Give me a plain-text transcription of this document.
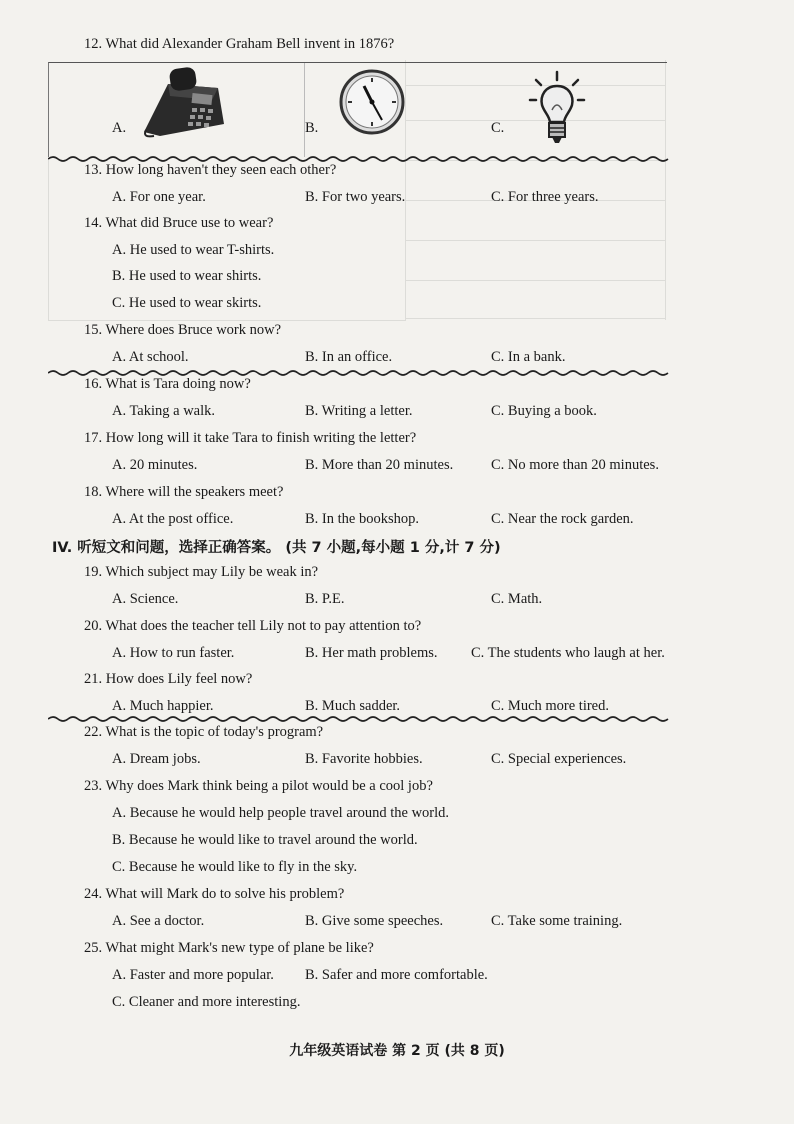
12. What did Alexander Graham Bell invent in 1876?
A.	B.	C.
13. How long haven't they seen each other?
A. For one year.	B. For two years.	C. For three years.
14. What did Bruce use to wear?
A. He used to wear T-shirts.
B. He used to wear shirts.
C. He used to wear skirts.
15. Where does Bruce work now?
A. At school.	B. In an office.	C. In a bank.
16. What is Tara doing now?
A. Taking a walk.	B. Writing a letter.	C. Buying a book.
17. How long will it take Tara to finish writing the letter?
A. 20 minutes.	B. More than 20 minutes.	C. No more than 20 minutes.
18. Where will the speakers meet?
A. At the post office.	B. In the bookshop.	C. Near the rock garden.
IV. 听短文和问题，选择正确答案。 (共 7 小题,每小题 1 分,计 7 分)
19. Which subject may Lily be weak in?
A. Science.	B. P.E.	C. Math.
20. What does the teacher tell Lily not to pay attention to?
A. How to run faster.	B. Her math problems. C. The students who laugh at her.
21. How does Lily feel now?
A. Much happier.	B. Much sadder.	C. Much more tired.
22. What is the topic of today's program?
A. Dream jobs.	B. Favorite hobbies.	C. Special experiences.
23. Why does Mark think being a pilot would be a cool job?
A. Because he would help people travel around the world.
B. Because he would like to travel around the world.
C. Because he would like to fly in the sky.
24. What will Mark do to solve his problem?
A. See a doctor.	B. Give some speeches.	C. Take some training.
25. What might Mark's new type of plane be like?
A. Faster and more popular. B. Safer and more comfortable.
C. Cleaner and more interesting.
九年级英语试卷 第 2 页 (共 8 页)
